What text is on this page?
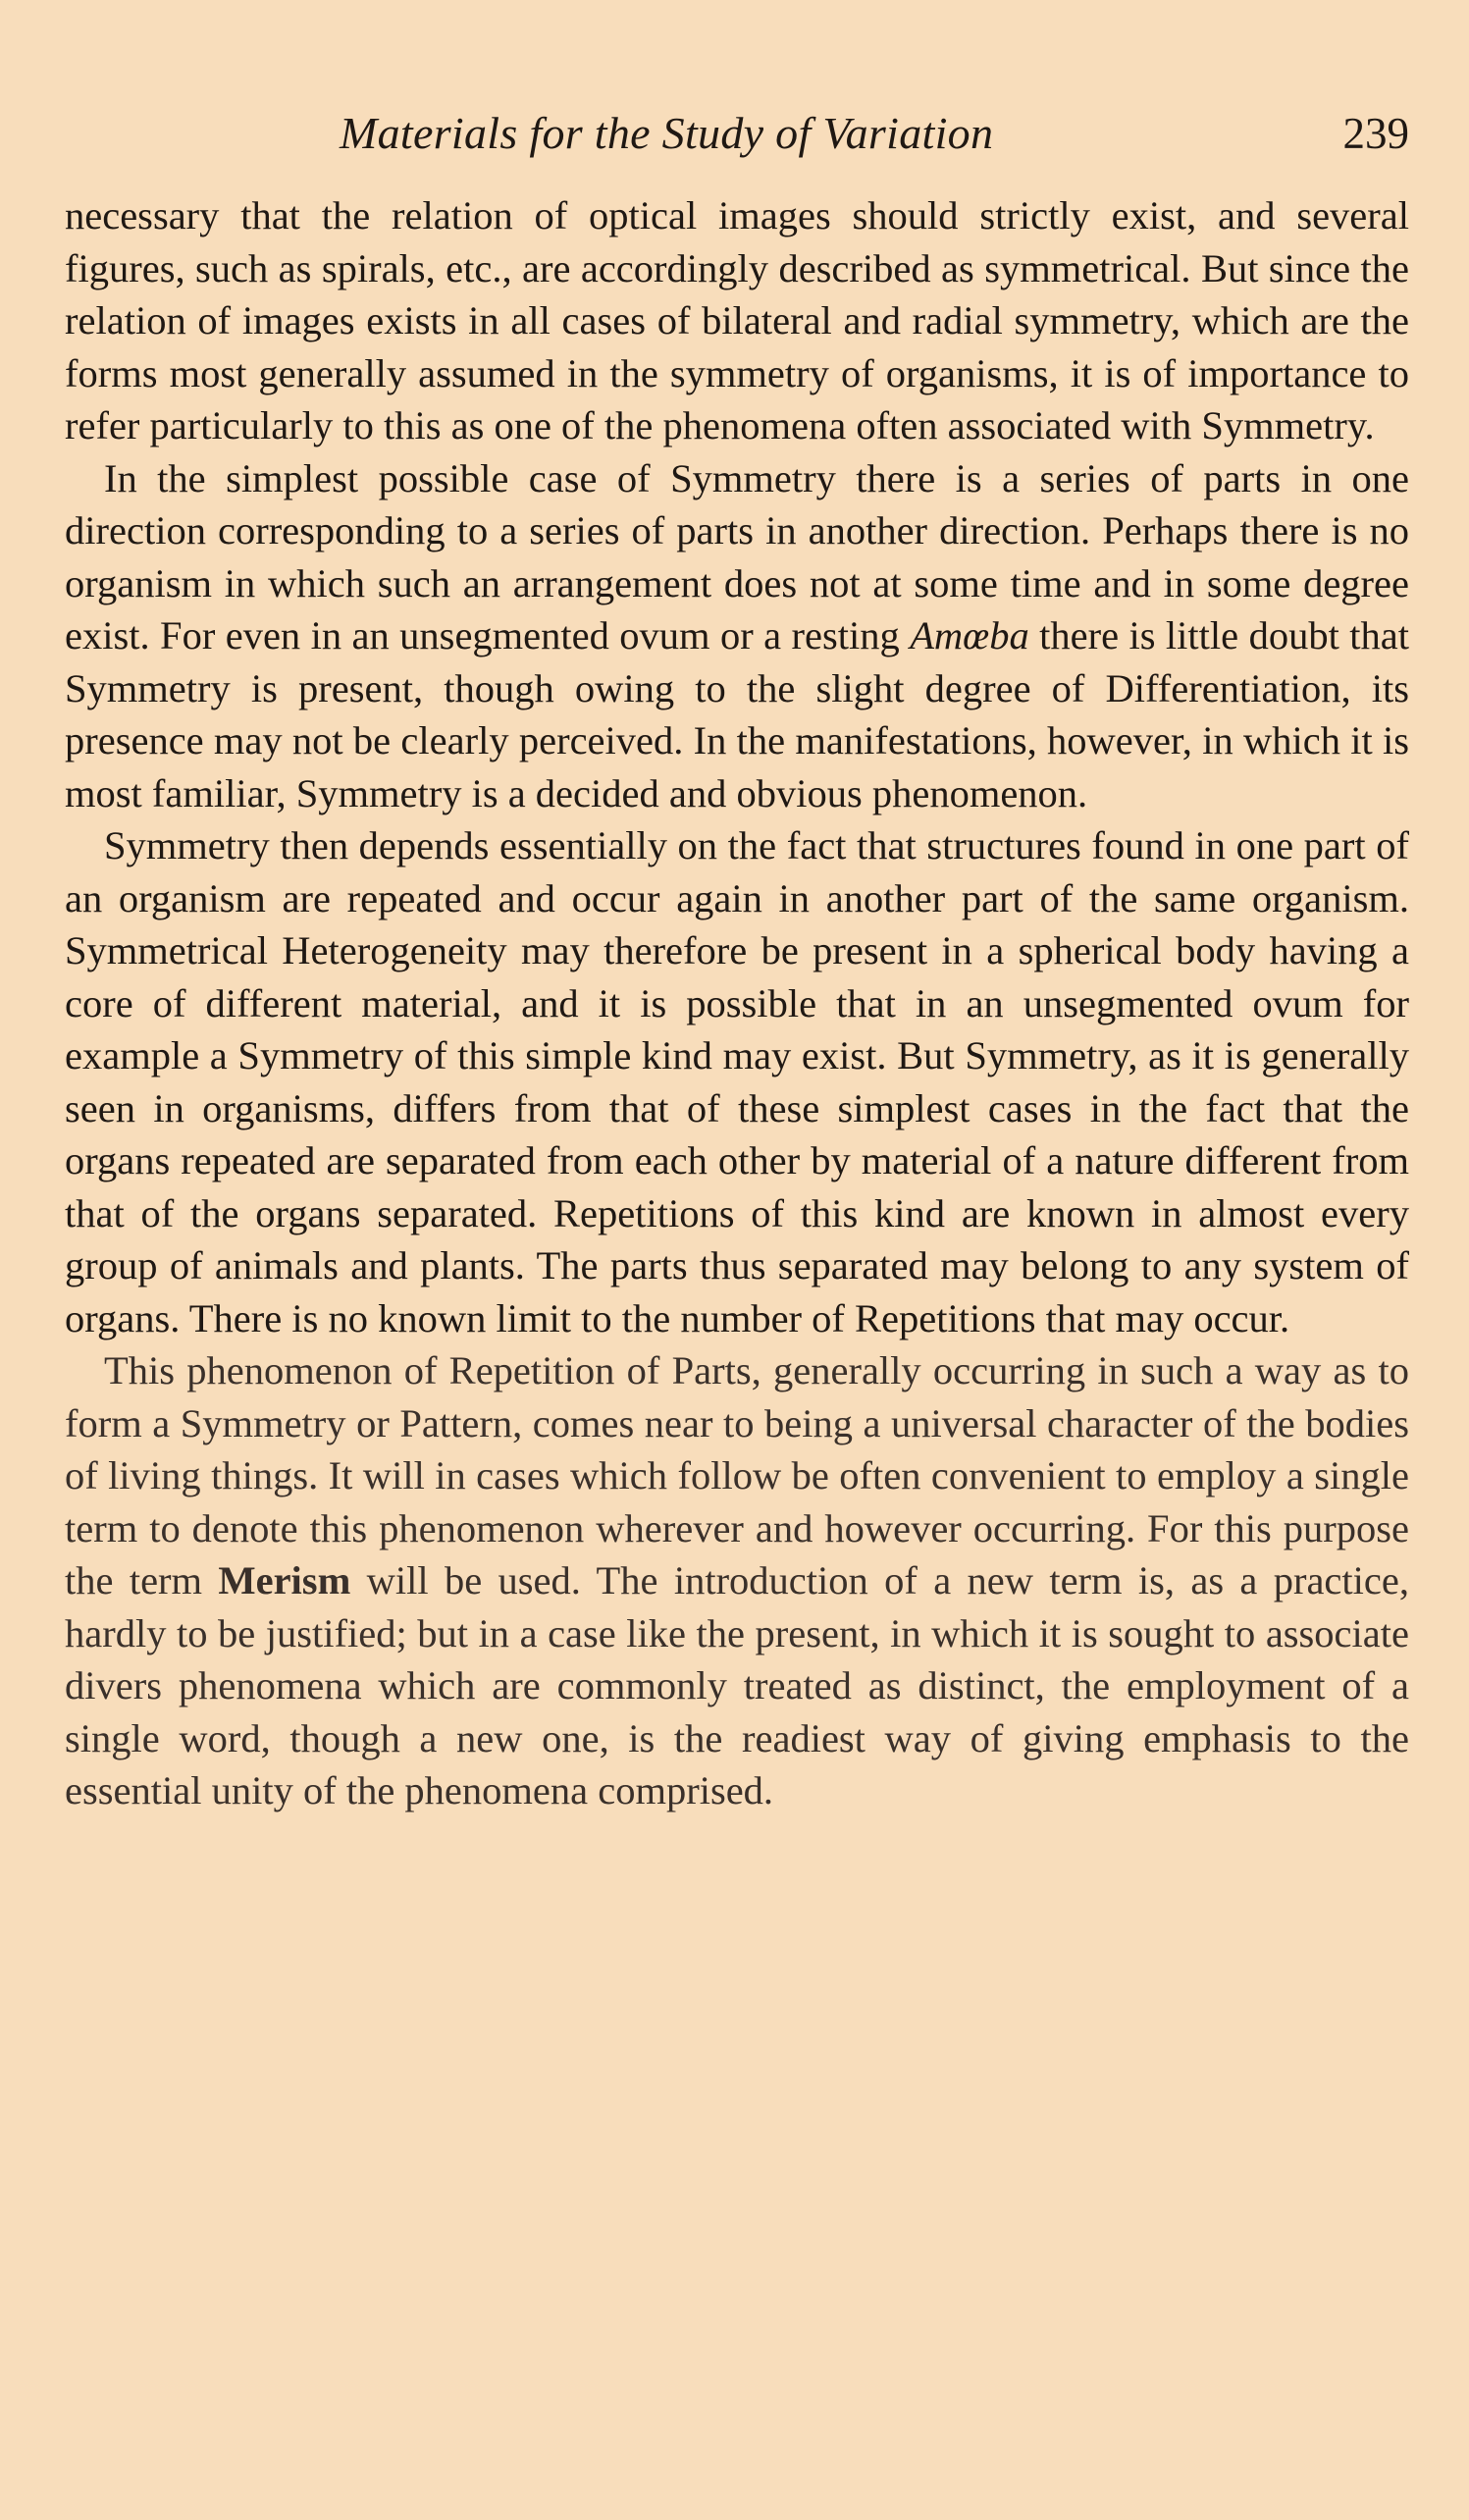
Materials for the Study of Variation	239

necessary that the relation of optical images should strictly exist, and several figures, such as spirals, etc., are accordingly described as symmetrical. But since the relation of images exists in all cases of bilateral and radial symmetry, which are the forms most generally assumed in the symmetry of organisms, it is of importance to refer particularly to this as one of the phenomena often associated with Symmetry.

In the simplest possible case of Symmetry there is a series of parts in one direction corresponding to a series of parts in another direction. Perhaps there is no organism in which such an arrangement does not at some time and in some degree exist. For even in an unsegmented ovum or a resting Amœba there is little doubt that Symmetry is present, though owing to the slight degree of Differentiation, its presence may not be clearly perceived. In the manifestations, however, in which it is most familiar, Symmetry is a decided and obvious phenomenon.

Symmetry then depends essentially on the fact that structures found in one part of an organism are repeated and occur again in another part of the same organism. Symmetrical Heterogeneity may therefore be present in a spherical body having a core of different material, and it is possible that in an unsegmented ovum for example a Symmetry of this simple kind may exist. But Symmetry, as it is generally seen in organisms, differs from that of these simplest cases in the fact that the organs repeated are separated from each other by material of a nature different from that of the organs separated. Repetitions of this kind are known in almost every group of animals and plants. The parts thus separated may belong to any system of organs. There is no known limit to the number of Repetitions that may occur.

This phenomenon of Repetition of Parts, generally occurring in such a way as to form a Symmetry or Pattern, comes near to being a universal character of the bodies of living things. It will in cases which follow be often convenient to employ a single term to denote this phenomenon wherever and however occurring. For this purpose the term Merism will be used. The introduction of a new term is, as a practice, hardly to be justified; but in a case like the present, in which it is sought to associate divers phenomena which are commonly treated as distinct, the employment of a single word, though a new one, is the readiest way of giving emphasis to the essential unity of the phenomena comprised.
